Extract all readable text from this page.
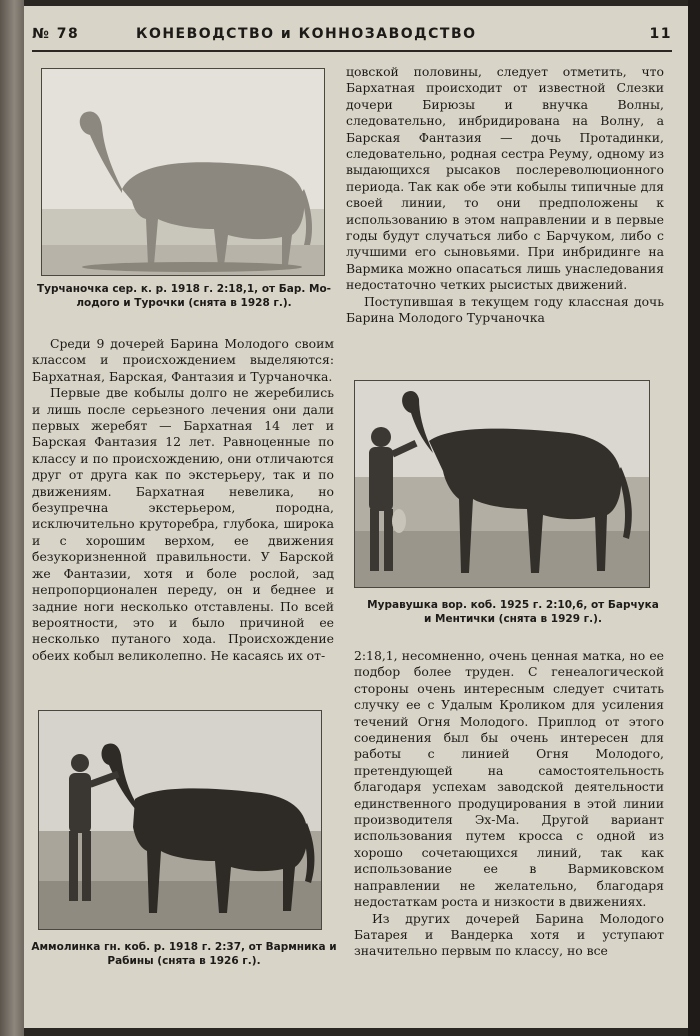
№ 78	КОНЕВОДСТВО и КОННОЗАВОДСТВО	11
Турчаночка сер. к. р. 1918 г. 2:18,1, от Бар. Мо-
лодого и Турочки (снята в 1928 г.).

Среди 9 дочерей Барина Молодого своим классом и происхождением выделяются: Бархатная, Барская, Фантазия и Турчаночка.

Первые две кобылы долго не жеребились и лишь после серьезного лечения они дали первых жеребят — Бархатная 14 лет и Барская Фантазия 12 лет. Равноценные по классу и по происхождению, они отличаются друг от друга как по экстерьеру, так и по движениям. Бархатная невелика, но безупречна экстерьером, породна, исключительно круторебра, глубока, широка и с хорошим верхом, ее движения безукоризненной правильности. У Барской же Фантазии, хотя и боле рослой, зад непропорционален переду, он и беднее и задние ноги несколько отставлены. По всей вероятности, это и было причиной ее несколько путаного хода. Происхождение обеих кобыл великолепно. Не касаясь их от-

Аммолинка гн. коб. р. 1918 г. 2:37, от Вармника и
Рабины (снята в 1926 г.).

цовской половины, следует отметить, что Бархатная происходит от известной Слезки дочери Бирюзы и внучка Волны, следовательно, инбридирована на Волну, а Барская Фантазия — дочь Протадинки, следовательно, родная сестра Реуму, одному из выдающихся рысаков послереволюционного периода. Так как обе эти кобылы типичные для своей линии, то они предположены к использованию в этом направлении и в первые годы будут случаться либо с Барчуком, либо с лучшими его сыновьями. При инбридинге на Вармика можно опасаться лишь унаследования недостаточно четких рысистых движений.

Поступившая в текущем году классная дочь Барина Молодого Турчаночка

Муравушка вор. коб. 1925 г. 2:10,6, от Барчука
и Ментички (снята в 1929 г.).

2:18,1, несомненно, очень ценная матка, но ее подбор более труден. С генеалогической стороны очень интересным следует считать случку ее с Удалым Кроликом для усиления течений Огня Молодого. Приплод от этого соединения был бы очень интересен для работы с линией Огня Молодого, претендующей на самостоятельность благодаря успехам заводской деятельности единственного продуцирования в этой линии производителя Эх-Ма. Другой вариант использования путем кросса с одной из хорошо сочетающихся линий, так как использование ее в Вармиковском направлении не желательно, благодаря недостаткам роста и низкости в движениях.

Из других дочерей Барина Молодого Батарея и Вандерка хотя и уступают значительно первым по классу, но все
